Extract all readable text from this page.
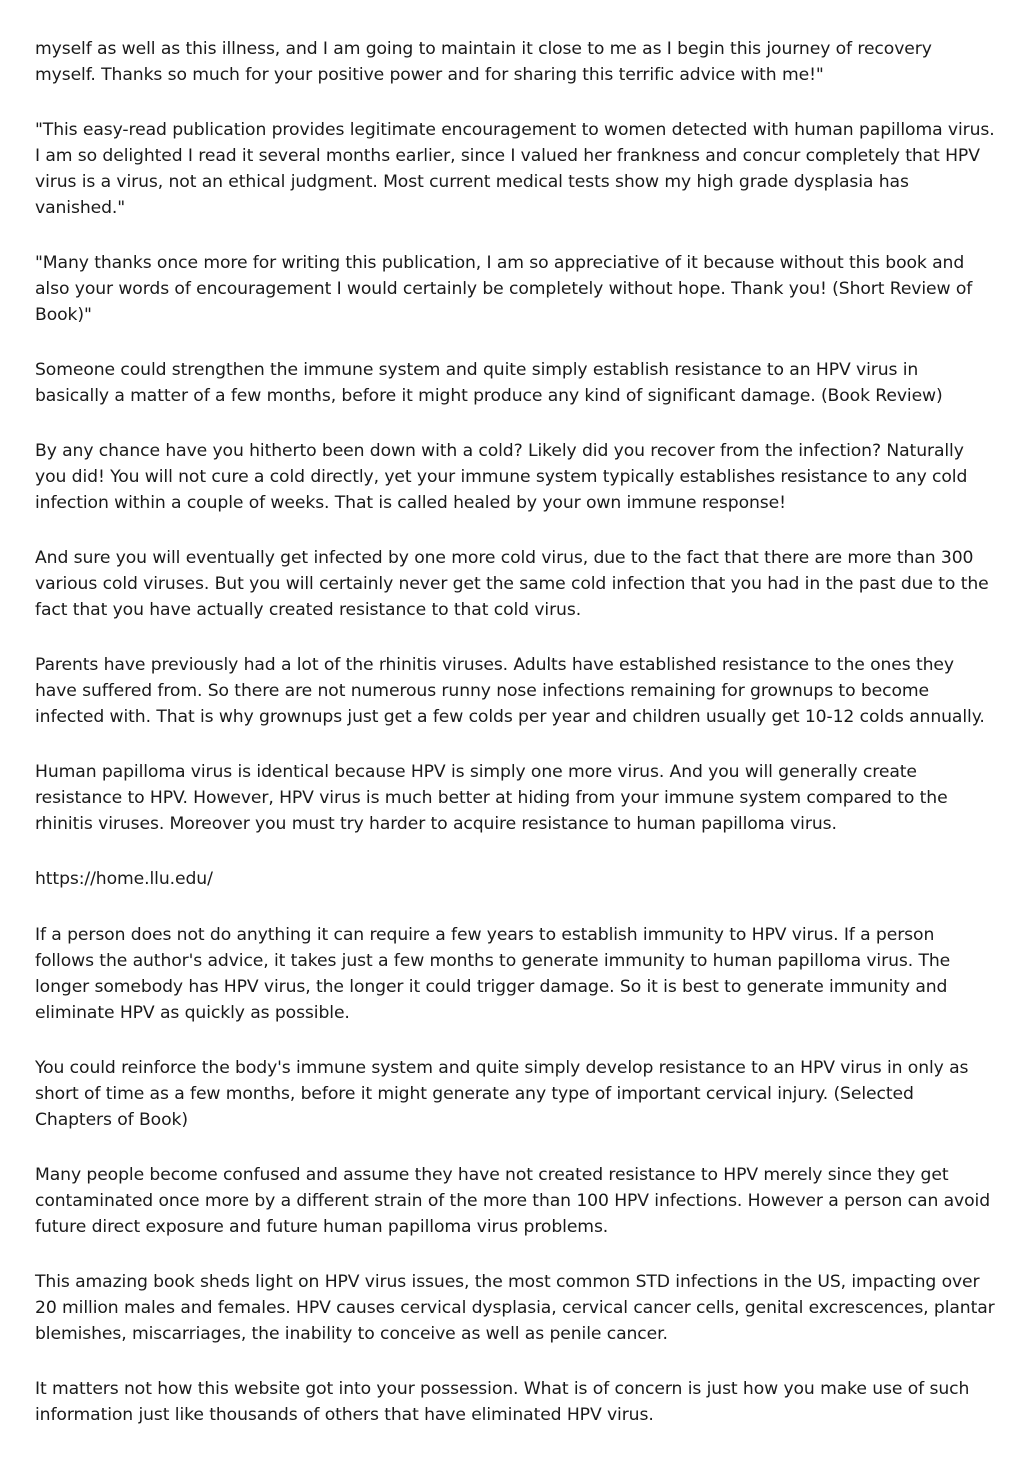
myself as well as this illness, and I am going to maintain it close to me as I begin this journey of recovery myself. Thanks so much for your positive power and for sharing this terrific advice with me!"

"This easy-read publication provides legitimate encouragement to women detected with human papilloma virus. I am so delighted I read it several months earlier, since I valued her frankness and concur completely that HPV virus is a virus, not an ethical judgment. Most current medical tests show my high grade dysplasia has vanished."

"Many thanks once more for writing this publication, I am so appreciative of it because without this book and also your words of encouragement I would certainly be completely without hope. Thank you! (Short Review of Book)"

Someone could strengthen the immune system and quite simply establish resistance to an HPV virus in basically a matter of a few months, before it might produce any kind of significant damage. (Book Review)

By any chance have you hitherto been down with a cold? Likely did you recover from the infection? Naturally you did! You will not cure a cold directly, yet your immune system typically establishes resistance to any cold infection within a couple of weeks. That is called healed by your own immune response!

And sure you will eventually get infected by one more cold virus, due to the fact that there are more than 300 various cold viruses. But you will certainly never get the same cold infection that you had in the past due to the fact that you have actually created resistance to that cold virus.

Parents have previously had a lot of the rhinitis viruses. Adults have established resistance to the ones they have suffered from. So there are not numerous runny nose infections remaining for grownups to become infected with. That is why grownups just get a few colds per year and children usually get 10-12 colds annually.

Human papilloma virus is identical because HPV is simply one more virus. And you will generally create resistance to HPV. However, HPV virus is much better at hiding from your immune system compared to the rhinitis viruses. Moreover you must try harder to acquire resistance to human papilloma virus.

https://home.llu.edu/

If a person does not do anything it can require a few years to establish immunity to HPV virus. If a person follows the author's advice, it takes just a few months to generate immunity to human papilloma virus. The longer somebody has HPV virus, the longer it could trigger damage. So it is best to generate immunity and eliminate HPV as quickly as possible.

You could reinforce the body's immune system and quite simply develop resistance to an HPV virus in only as short of time as a few months, before it might generate any type of important cervical injury. (Selected Chapters of Book)

Many people become confused and assume they have not created resistance to HPV merely since they get contaminated once more by a different strain of the more than 100 HPV infections. However a person can avoid future direct exposure and future human papilloma virus problems.

This amazing book sheds light on HPV virus issues, the most common STD infections in the US, impacting over 20 million males and females. HPV causes cervical dysplasia, cervical cancer cells, genital excrescences, plantar blemishes, miscarriages, the inability to conceive as well as penile cancer.

It matters not how this website got into your possession. What is of concern is just how you make use of such information just like thousands of others that have eliminated HPV virus.
